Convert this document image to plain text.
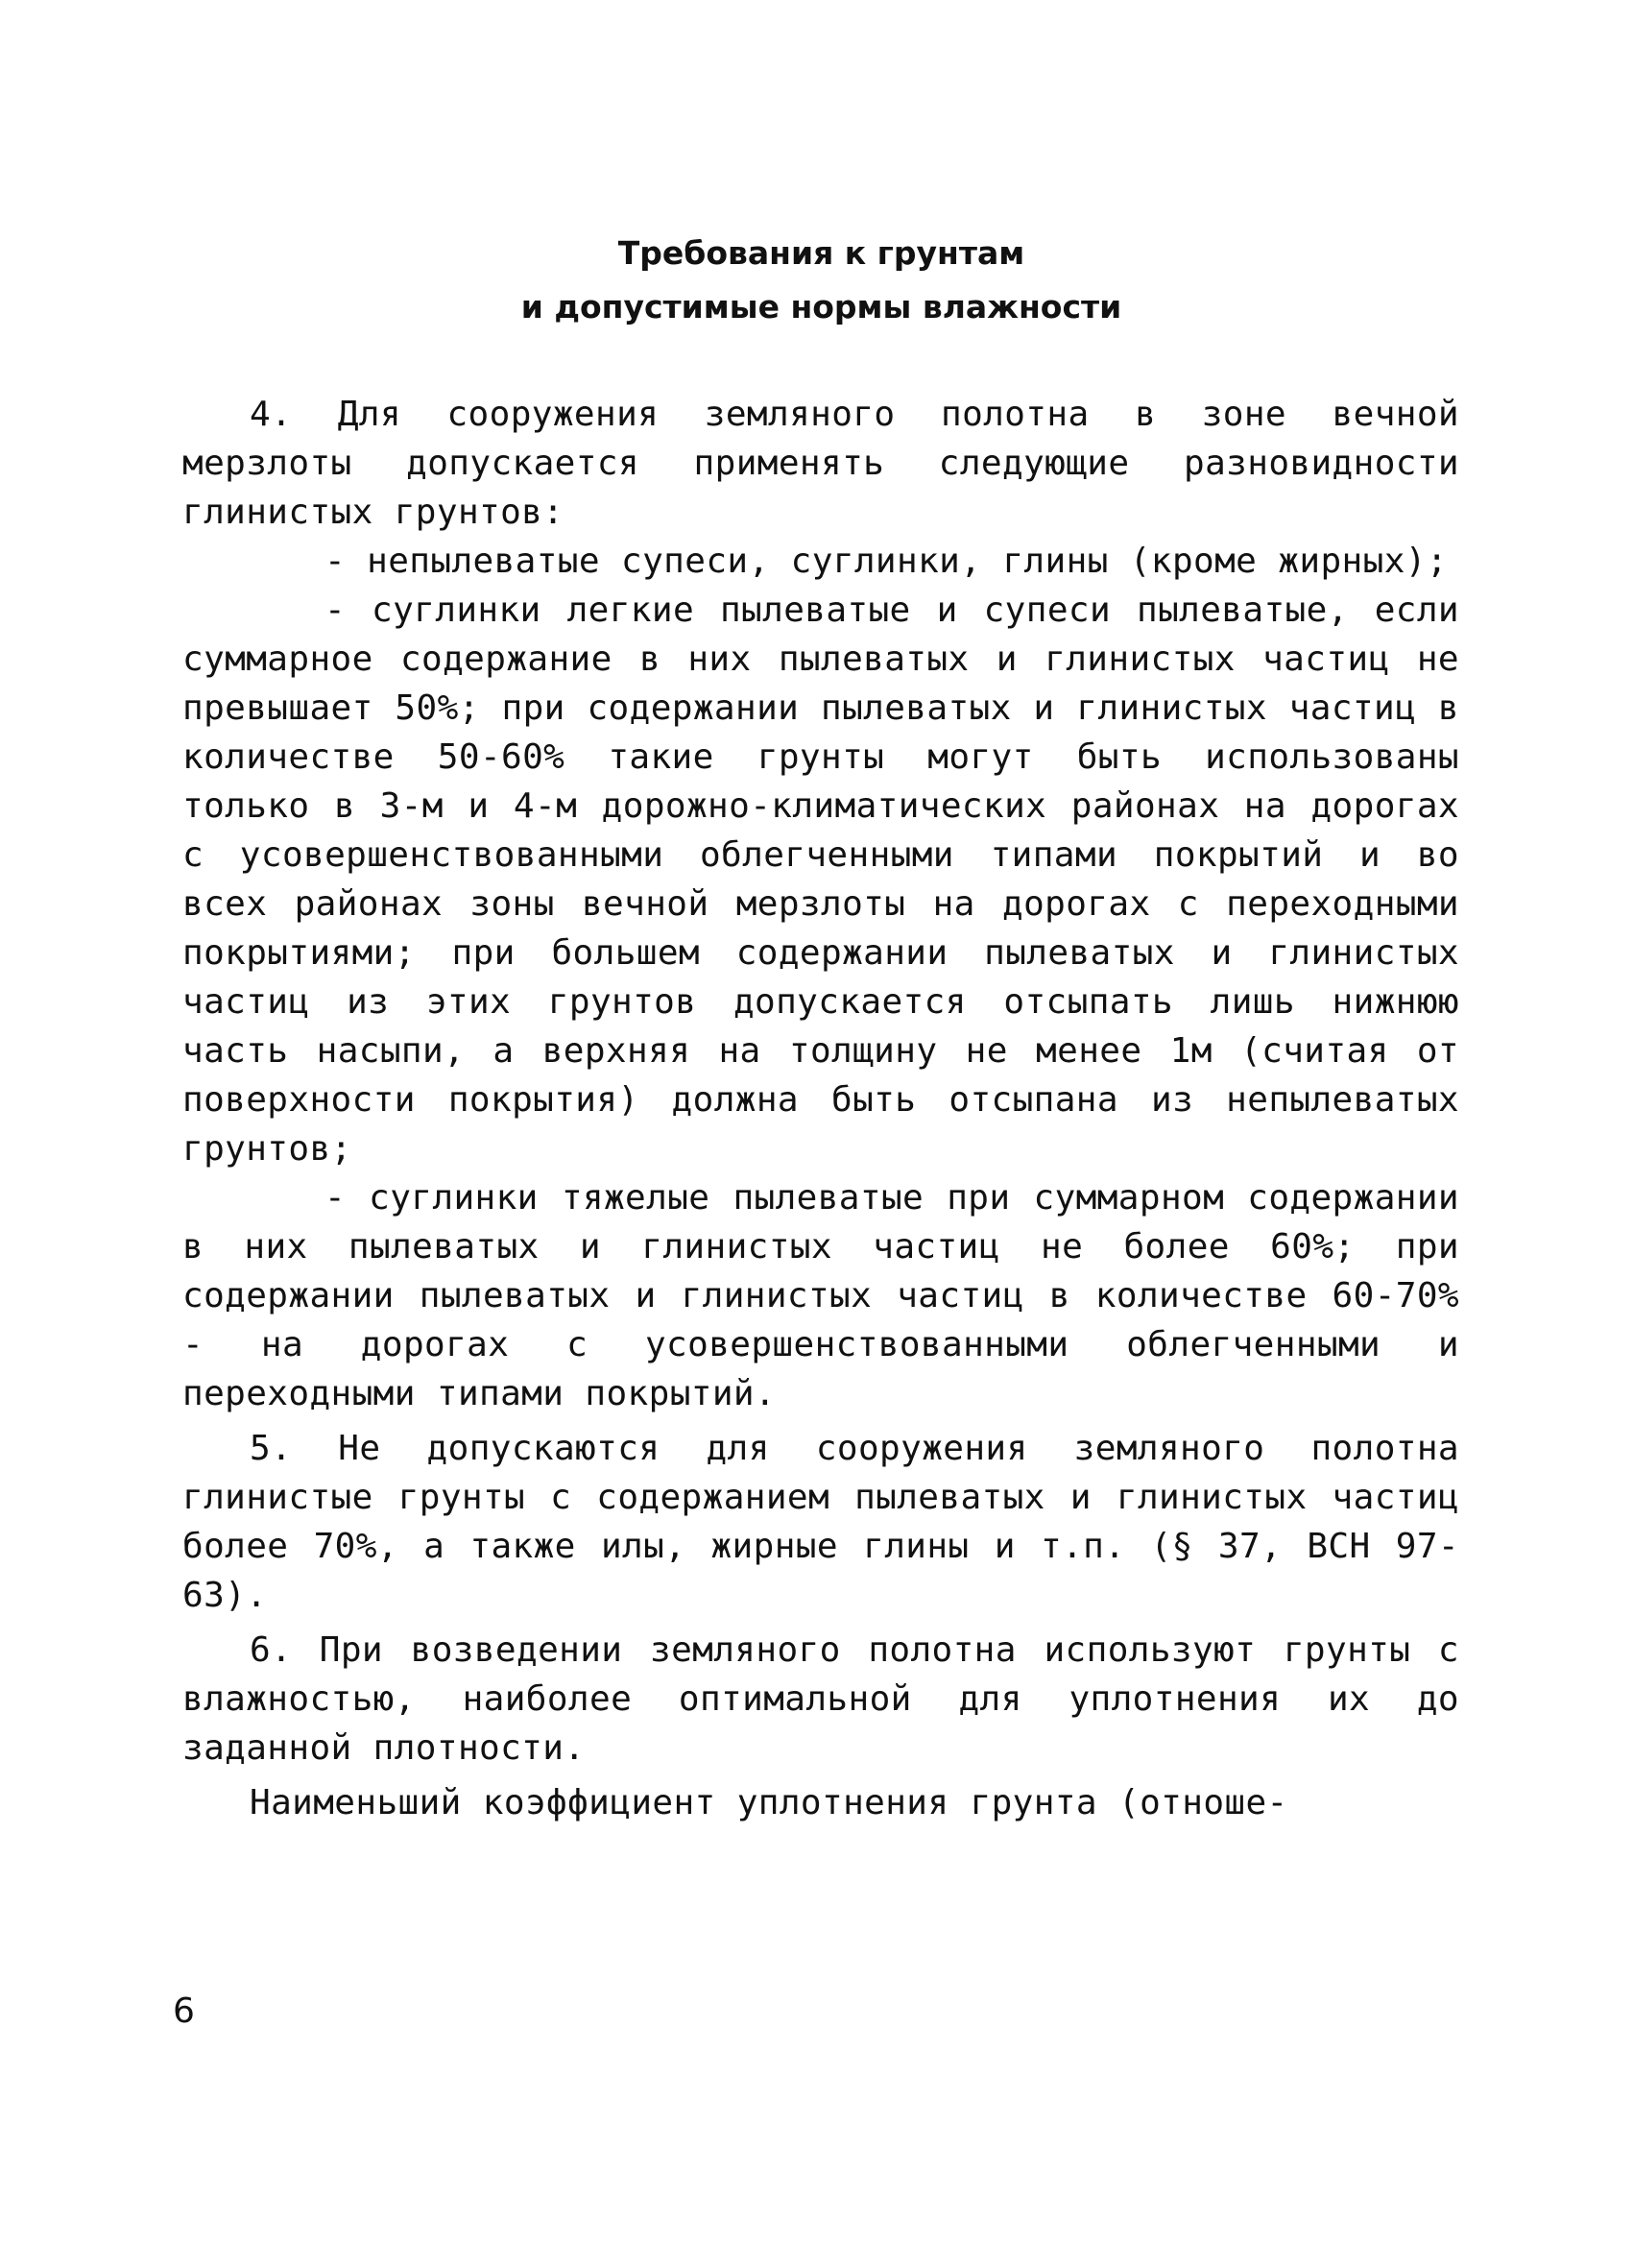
Требования к грунтам
и допустимые нормы влажности

4. Для сооружения земляного полотна в зоне вечной мерзлоты допускается применять следующие разновидности глинистых грунтов:

- непылеватые супеси, суглинки, глины (кроме жирных);

- суглинки легкие пылеватые и супеси пылеватые, если суммарное содержание в них пылеватых и глинистых частиц не превышает 50%; при содержании пылеватых и глинистых частиц в количестве 50-60% такие грунты могут быть использованы только в 3-м и 4-м дорожно-климатических районах на дорогах с усовершенствованными облегченными типами покрытий и во всех районах зоны вечной мерзлоты на дорогах с переходными покрытиями; при большем содержании пылеватых и глинистых частиц из этих грунтов допускается отсыпать лишь нижнюю часть насыпи, а верхняя на толщину не менее 1м (считая от поверхности покрытия) должна быть отсыпана из непылеватых грунтов;

- суглинки тяжелые пылеватые при суммарном содержании в них пылеватых и глинистых частиц не более 60%; при содержании пылеватых и глинистых частиц в количестве 60-70% - на дорогах с усовершенствованными облегченными и переходными типами покрытий.

5. Не допускаются для сооружения земляного полотна глинистые грунты с содержанием пылеватых и глинистых частиц более 70%, а также илы, жирные глины и т.п. (§ 37, ВСН 97-63).

6. При возведении земляного полотна используют грунты с влажностью, наиболее оптимальной для уплотнения их до заданной плотности.

Наименьший коэффициент уплотнения грунта (отноше-

6
